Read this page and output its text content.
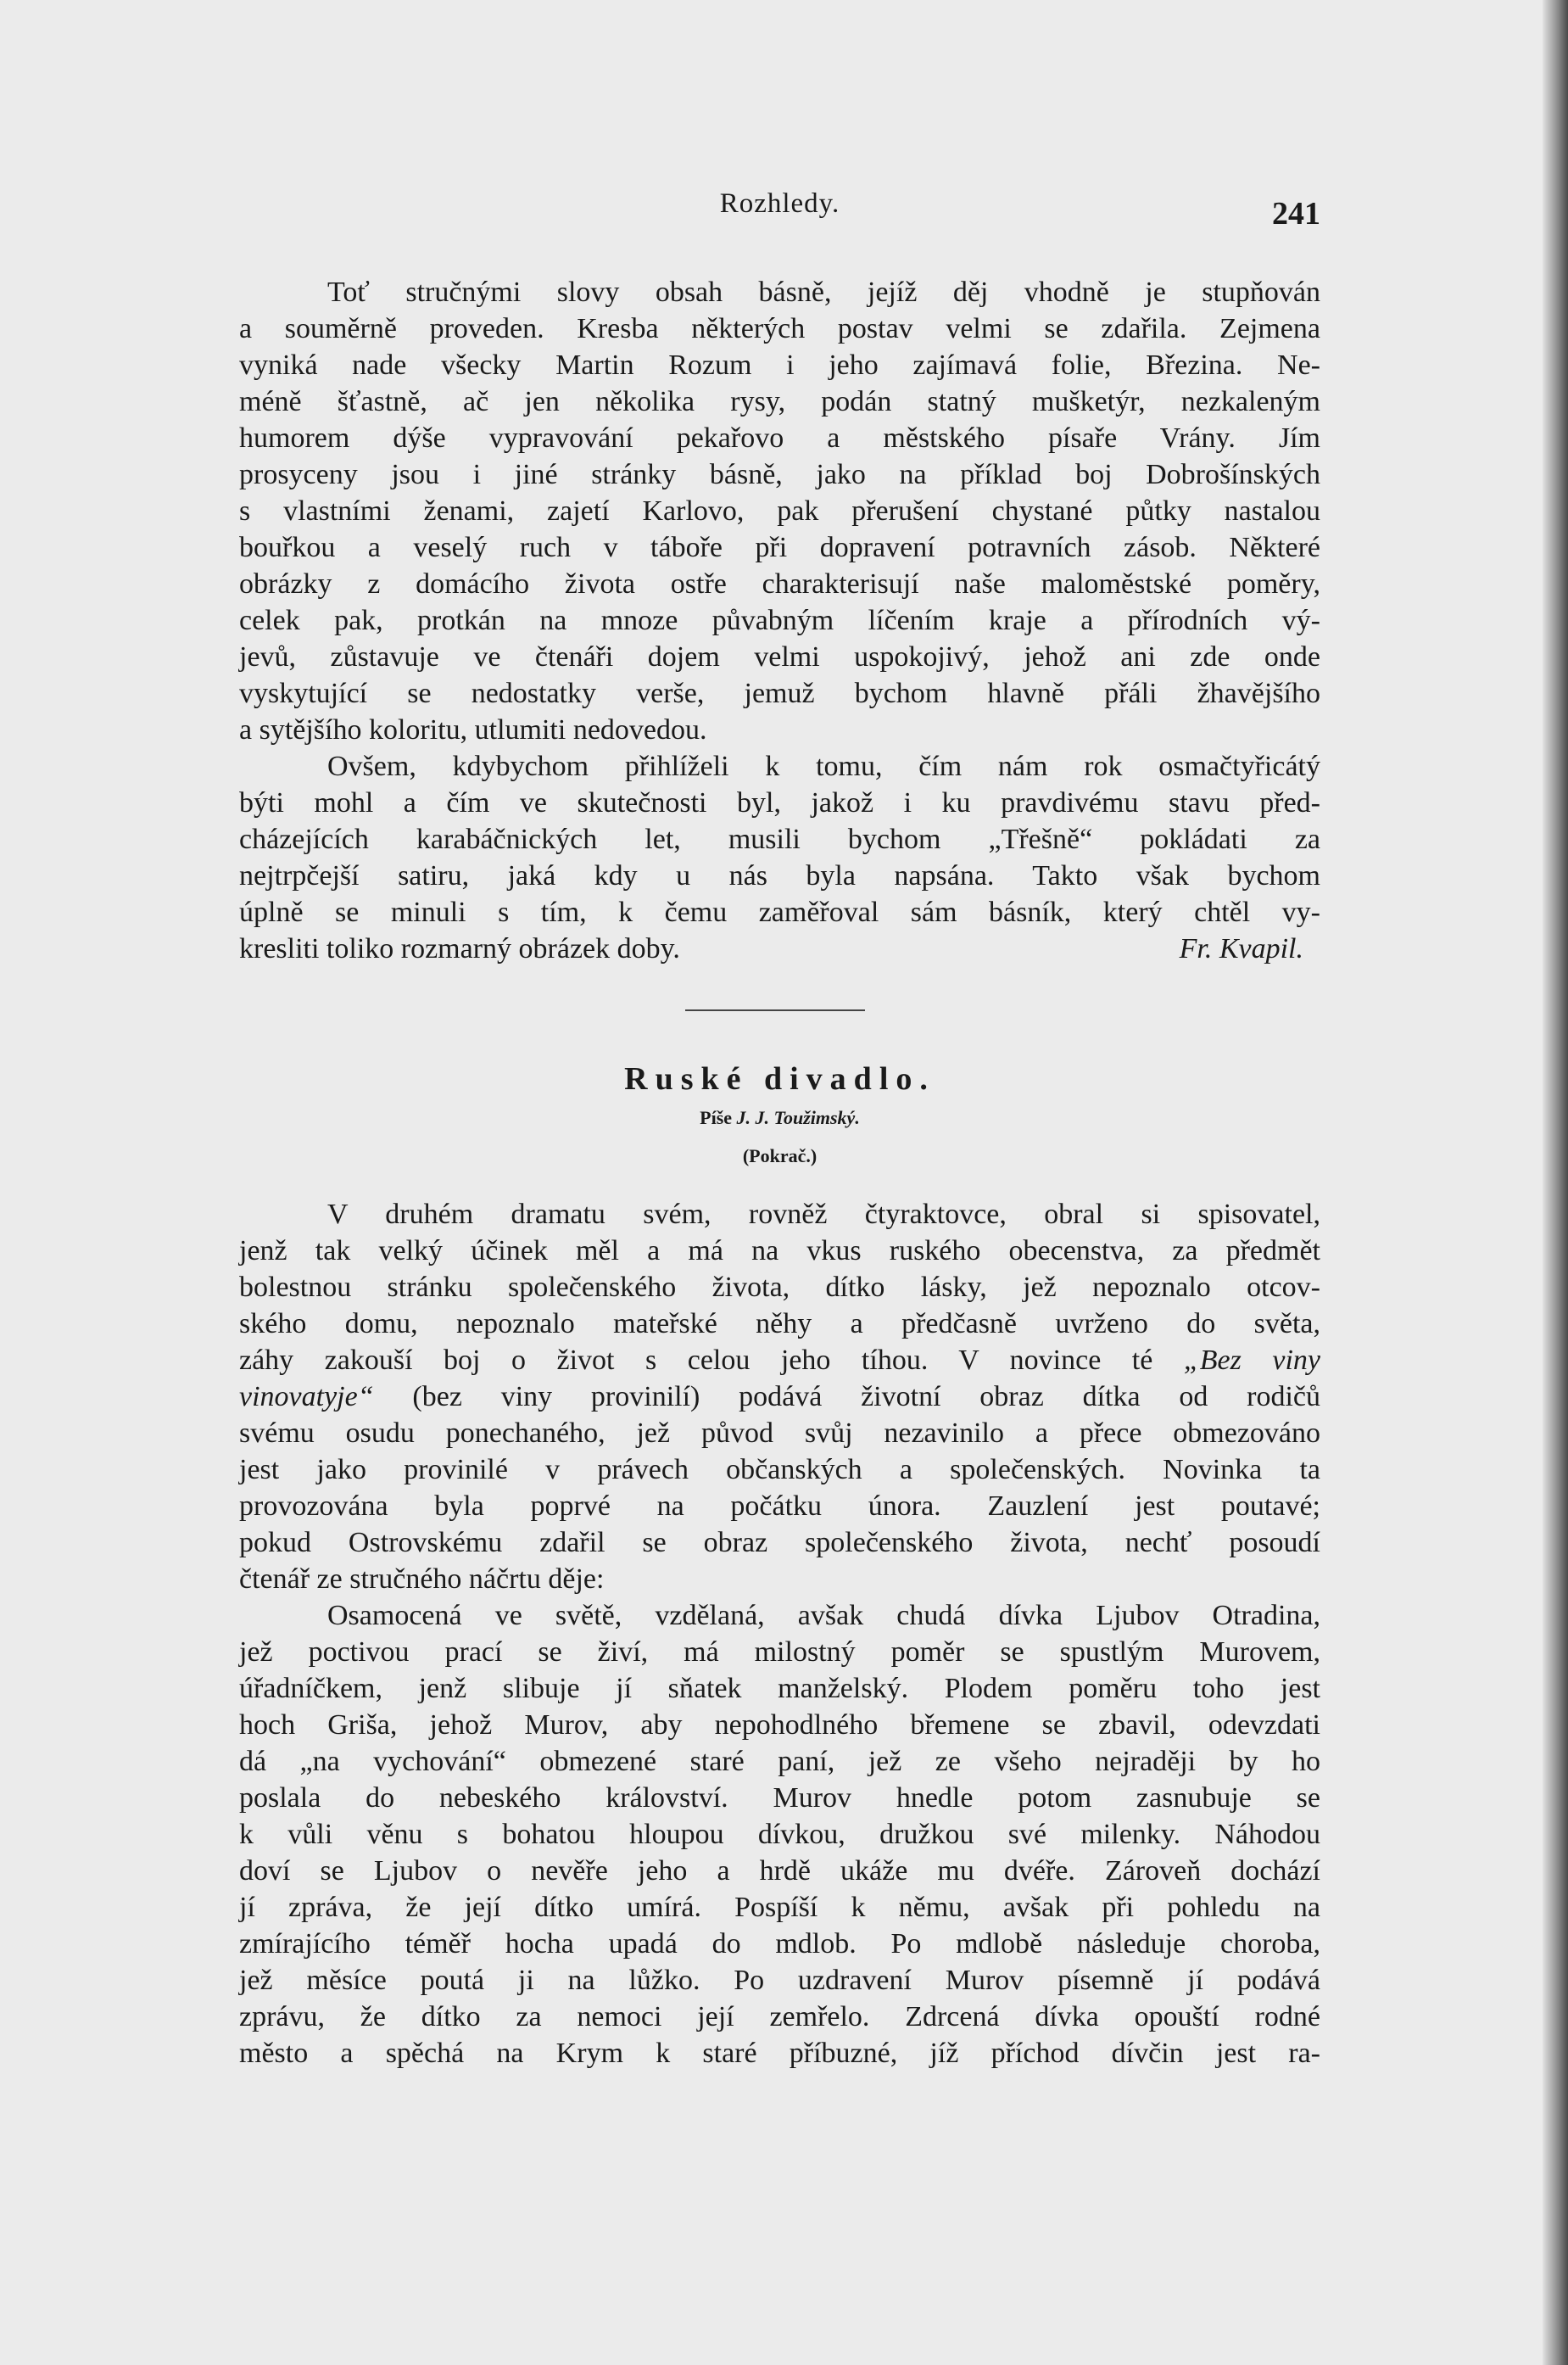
Rozhledy.	241
Toť stručnými slovy obsah básně, jejíž děj vhodně je stupňován
a souměrně proveden. Kresba některých postav velmi se zdařila. Zejmena
vyniká nade všecky Martin Rozum i jeho zajímavá folie, Březina. Ne-
méně šťastně, ač jen několika rysy, podán statný mušketýr, nezkaleným
humorem dýše vypravování pekařovo a městského písaře Vrány. Jím
prosyceny jsou i jiné stránky básně, jako na příklad boj Dobrošínských
s vlastními ženami, zajetí Karlovo, pak přerušení chystané půtky nastalou
bouřkou a veselý ruch v táboře při dopravení potravních zásob. Některé
obrázky z domácího života ostře charakterisují naše maloměstské poměry,
celek pak, protkán na mnoze půvabným líčením kraje a přírodních vý-
jevů, zůstavuje ve čtenáři dojem velmi uspokojivý, jehož ani zde onde
vyskytující se nedostatky verše, jemuž bychom hlavně přáli žhavějšího
a sytějšího koloritu, utlumiti nedovedou.
Ovšem, kdybychom přihlíželi k tomu, čím nám rok osmačtyřicátý
býti mohl a čím ve skutečnosti byl, jakož i ku pravdivému stavu před-
cházejících karabáčnických let, musili bychom „Třešně“ pokládati za
nejtrpčejší satiru, jaká kdy u nás byla napsána. Takto však bychom
úplně se minuli s tím, k čemu zaměřoval sám básník, který chtěl vy-
kresliti toliko rozmarný obrázek doby.	Fr. Kvapil.
Ruské divadlo.
Píše J. J. Toužimský.
(Pokrač.)
V druhém dramatu svém, rovněž čtyraktovce, obral si spisovatel,
jenž tak velký účinek měl a má na vkus ruského obecenstva, za předmět
bolestnou stránku společenského života, dítko lásky, jež nepoznalo otcov-
ského domu, nepoznalo mateřské něhy a předčasně uvrženo do světa,
záhy zakouší boj o život s celou jeho tíhou. V novince té „Bez viny
vinovatyje“ (bez viny provinilí) podává životní obraz dítka od rodičů
svému osudu ponechaného, jež původ svůj nezavinilo a přece obmezováno
jest jako provinilé v právech občanských a společenských. Novinka ta
provozována byla poprvé na počátku února. Zauzlení jest poutavé;
pokud Ostrovskému zdařil se obraz společenského života, nechť posoudí
čtenář ze stručného náčrtu děje:
Osamocená ve světě, vzdělaná, avšak chudá dívka Ljubov Otradina,
jež poctivou prací se živí, má milostný poměr se spustlým Murovem,
úřadníčkem, jenž slibuje jí sňatek manželský. Plodem poměru toho jest
hoch Griša, jehož Murov, aby nepohodlného břemene se zbavil, odevzdati
dá „na vychování“ obmezené staré paní, jež ze všeho nejraději by ho
poslala do nebeského království. Murov hnedle potom zasnubuje se
k vůli věnu s bohatou hloupou dívkou, družkou své milenky. Náhodou
doví se Ljubov o nevěře jeho a hrdě ukáže mu dvéře. Zároveň dochází
jí zpráva, že její dítko umírá. Pospíší k němu, avšak při pohledu na
zmírajícího téměř hocha upadá do mdlob. Po mdlobě následuje choroba,
jež měsíce poutá ji na lůžko. Po uzdravení Murov písemně jí podává
zprávu, že dítko za nemoci její zemřelo. Zdrcená dívka opouští rodné
město a spěchá na Krym k staré příbuzné, jíž příchod dívčin jest ra-
